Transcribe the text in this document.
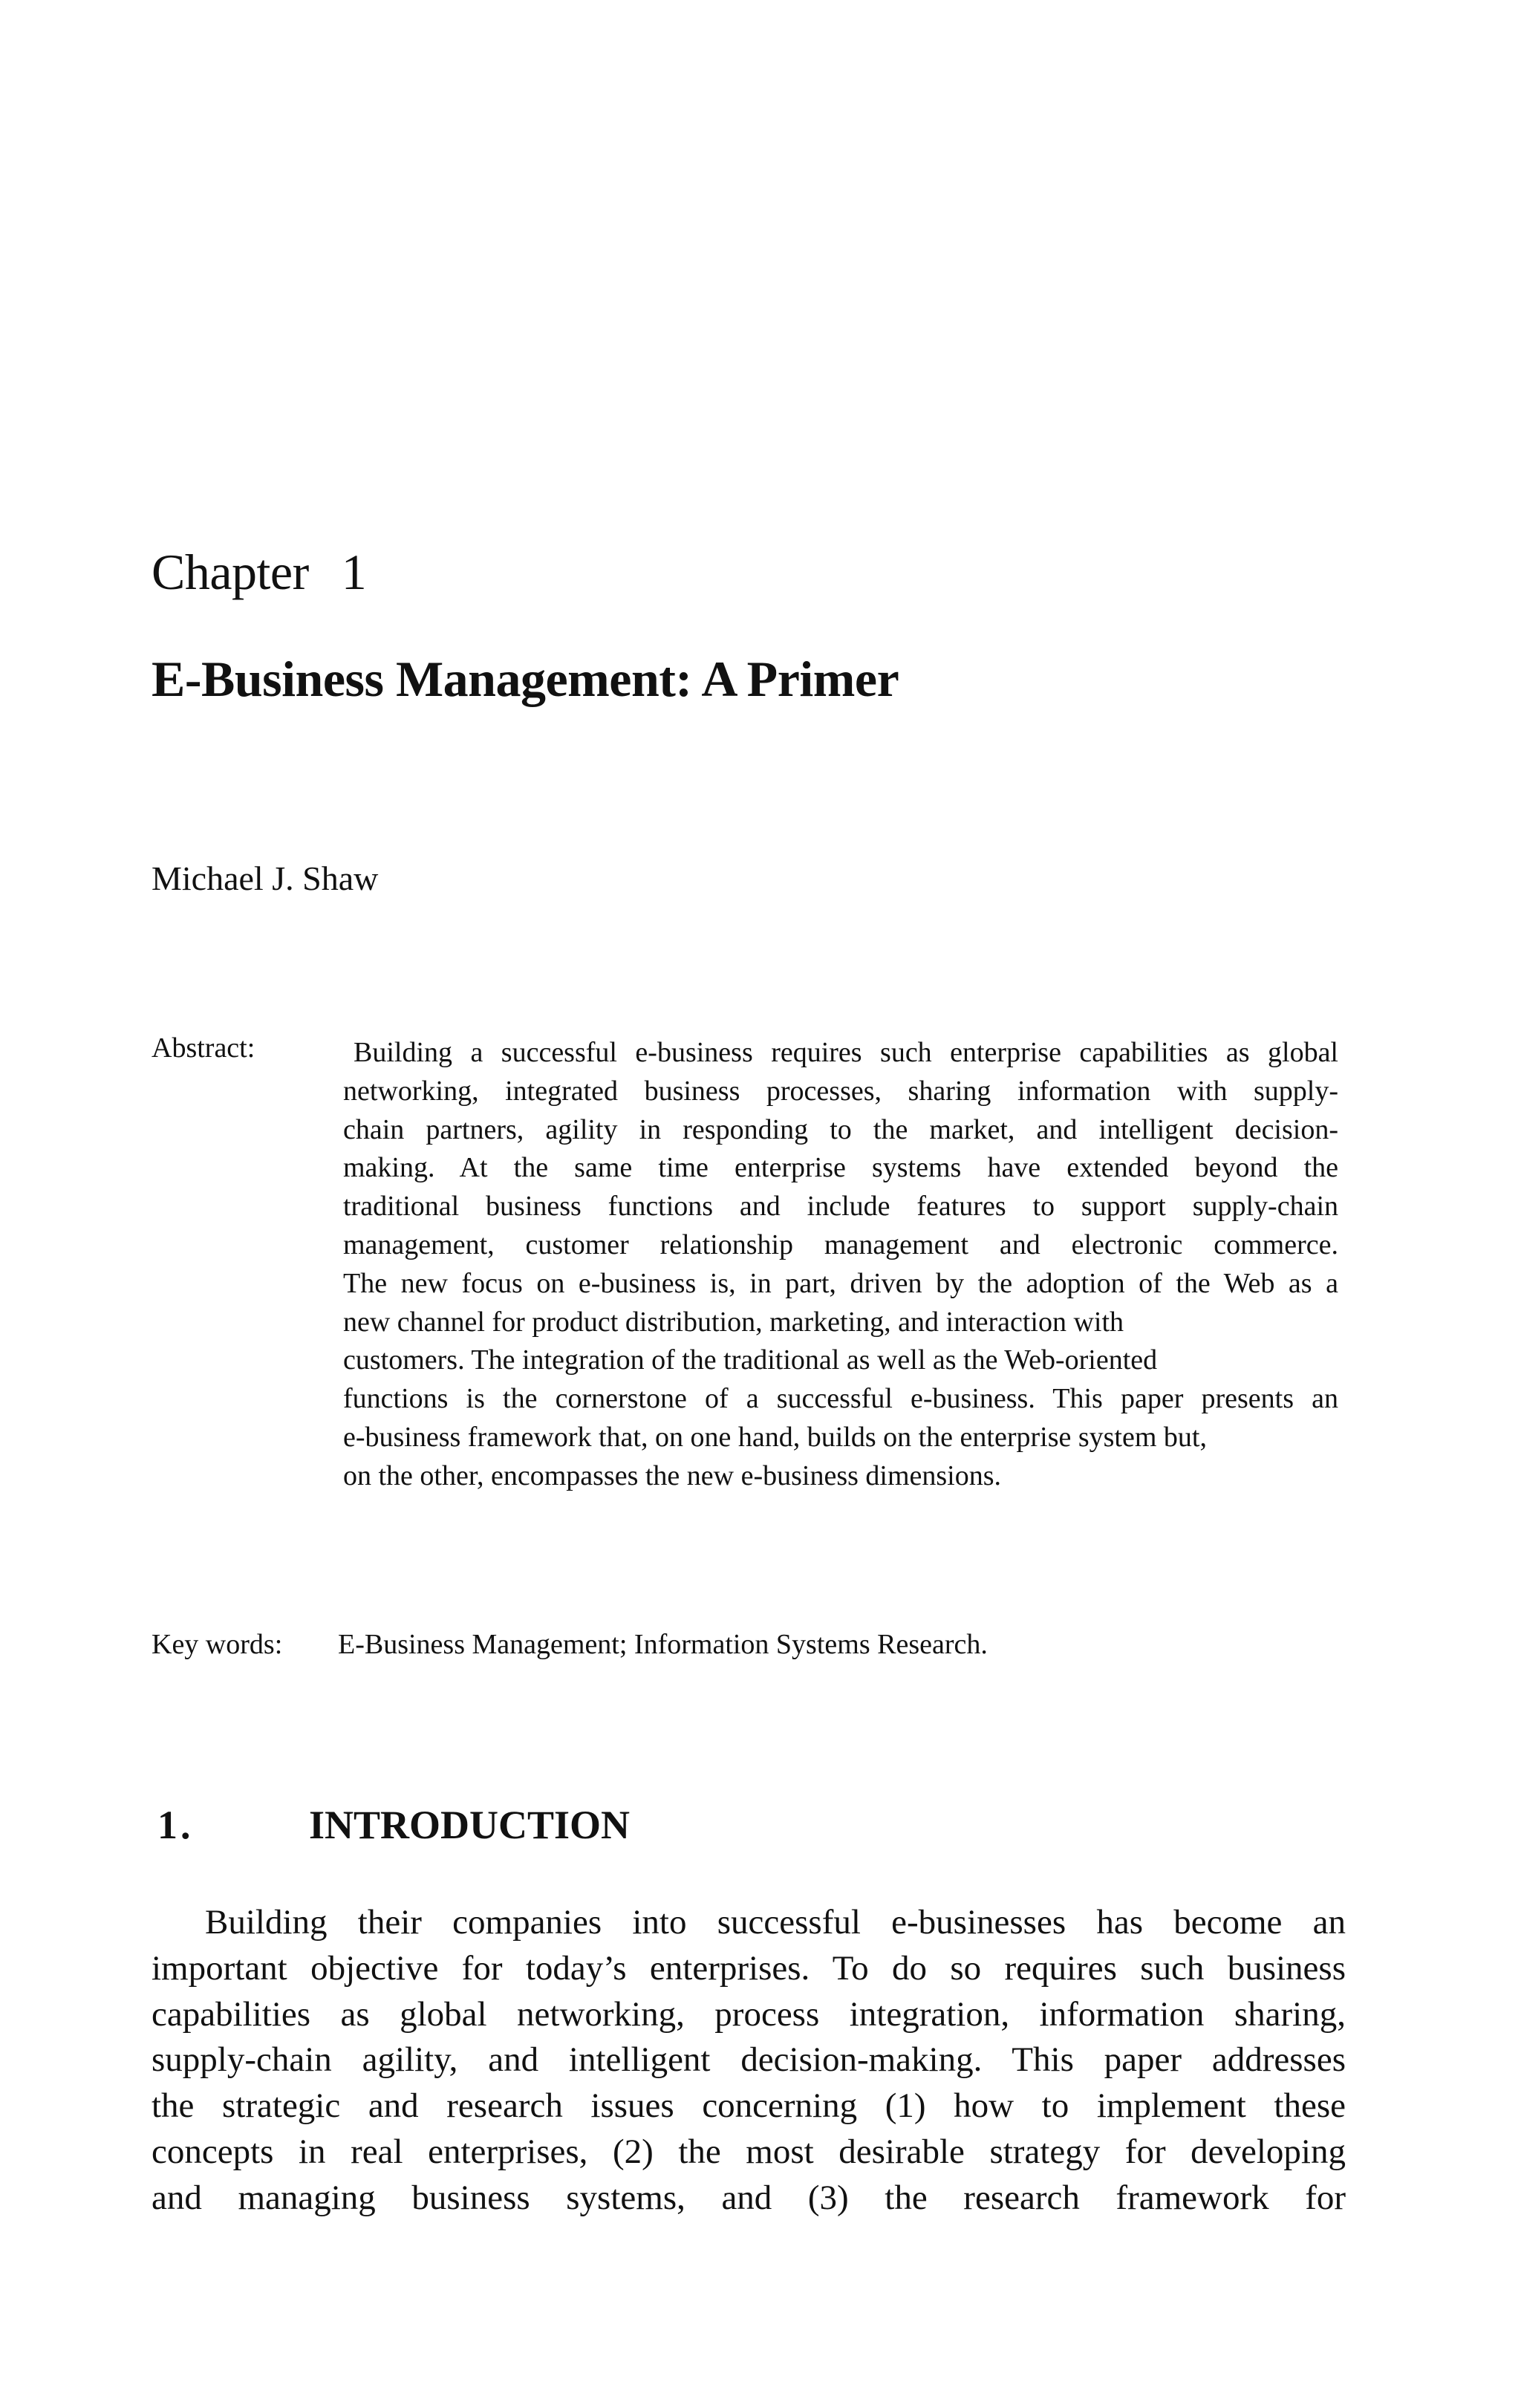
Chapter 1
E-Business Management: A Primer
Michael J. Shaw
Abstract:	Building a successful e-business requires such enterprise capabilities as global
networking, integrated business processes, sharing information with supply-
chain partners, agility in responding to the market, and intelligent decision-
making. At the same time enterprise systems have extended beyond the
traditional business functions and include features to support supply-chain
management, customer relationship management and electronic commerce.
The new focus on e-business is, in part, driven by the adoption of the Web as a
new channel for product distribution, marketing, and interaction with
customers. The integration of the traditional as well as the Web-oriented
functions is the cornerstone of a successful e-business. This paper presents an
e-business framework that, on one hand, builds on the enterprise system but,
on the other, encompasses the new e-business dimensions.
Key words: E-Business Management; Information Systems Research.
1.	INTRODUCTION
Building their companies into successful e-businesses has become an
important objective for today’s enterprises. To do so requires such business
capabilities as global networking, process integration, information sharing,
supply-chain agility, and intelligent decision-making. This paper addresses
the strategic and research issues concerning (1) how to implement these
concepts in real enterprises, (2) the most desirable strategy for developing
and managing business systems, and (3) the research framework for
